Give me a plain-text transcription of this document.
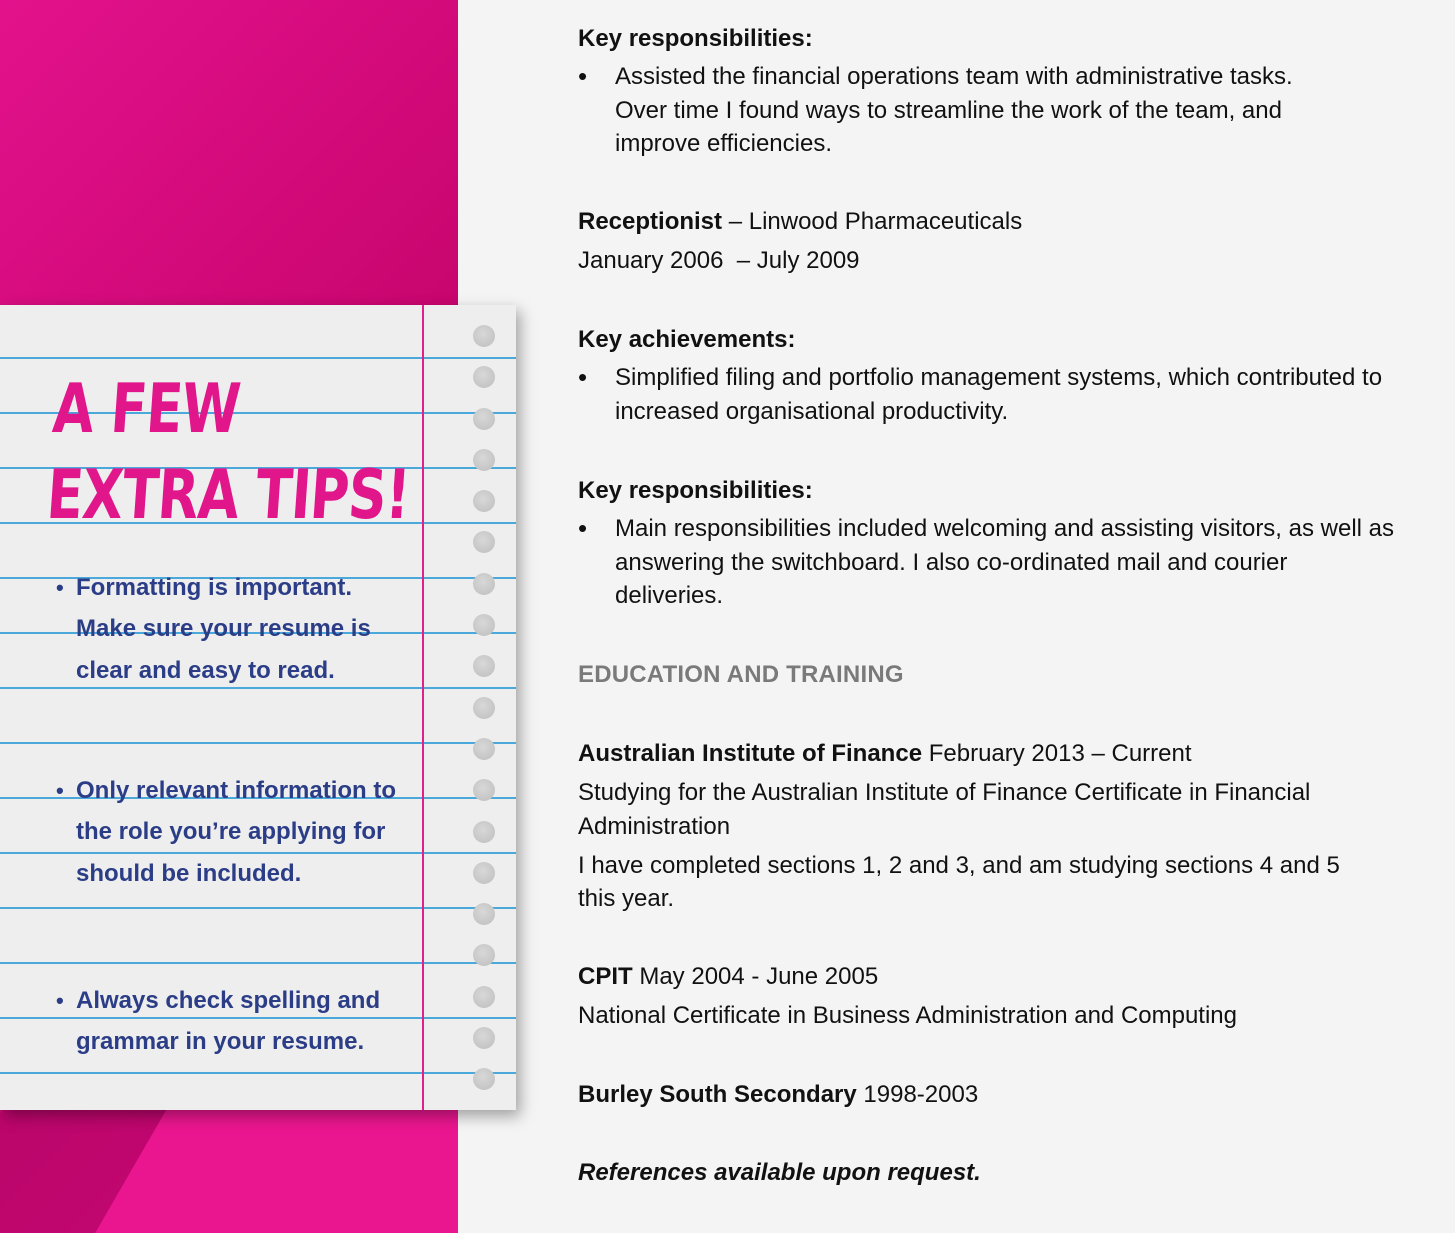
A FEW
EXTRA TIPS!
• Formatting is important. Make sure your resume is clear and easy to read.
• Only relevant information to the role you’re applying for should be included.
• Always check spelling and grammar in your resume.
Key responsibilities:
• Assisted the financial operations team with administrative tasks. Over time I found ways to streamline the work of the team, and improve efficiencies.
Receptionist – Linwood Pharmaceuticals
January 2006  – July 2009
Key achievements:
• Simplified filing and portfolio management systems, which contributed to increased organisational productivity.
Key responsibilities:
• Main responsibilities included welcoming and assisting visitors, as well as answering the switchboard. I also co-ordinated mail and courier deliveries.
EDUCATION AND TRAINING
Australian Institute of Finance February 2013 – Current
Studying for the Australian Institute of Finance Certificate in Financial Administration
I have completed sections 1, 2 and 3, and am studying sections 4 and 5 this year.
CPIT May 2004 - June 2005
National Certificate in Business Administration and Computing
Burley South Secondary 1998-2003
References available upon request.
